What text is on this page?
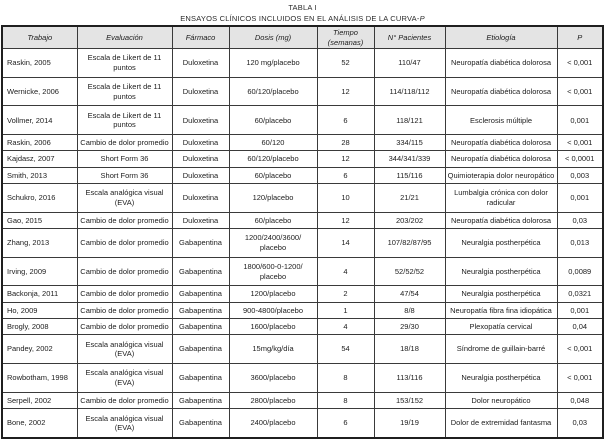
TABLA I
ENSAYOS CLÍNICOS INCLUIDOS EN EL ANÁLISIS DE LA CURVA-P
Trabajo	Evaluación	Fármaco	Dosis (mg)	Tiempo (semanas)	N° Pacientes	Etiología	P
Raskin, 2005	Escala de Likert de 11 puntos	Duloxetina	120 mg/placebo	52	110/47	Neuropatía diabética dolorosa	< 0,001
Wernicke, 2006	Escala de Likert de 11 puntos	Duloxetina	60/120/placebo	12	114/118/112	Neuropatía diabética dolorosa	< 0,001
Vollmer, 2014	Escala de Likert de 11 puntos	Duloxetina	60/placebo	6	118/121	Esclerosis múltiple	0,001
Raskin, 2006	Cambio de dolor promedio	Duloxetina	60/120	28	334/115	Neuropatía diabética dolorosa	< 0,001
Kajdasz, 2007	Short Form 36	Duloxetina	60/120/placebo	12	344/341/339	Neuropatía diabética dolorosa	< 0,0001
Smith, 2013	Short Form 36	Duloxetina	60/placebo	6	115/116	Quimioterapia dolor neuropático	0,003
Schukro, 2016	Escala analógica visual (EVA)	Duloxetina	120/placebo	10	21/21	Lumbalgia crónica con dolor radicular	0,001
Gao, 2015	Cambio de dolor promedio	Duloxetina	60/placebo	12	203/202	Neuropatía diabética dolorosa	0,03
Zhang, 2013	Cambio de dolor promedio	Gabapentina	1200/2400/3600/ placebo	14	107/82/87/95	Neuralgia postherpética	0,013
Irving, 2009	Cambio de dolor promedio	Gabapentina	1800/600-0-1200/ placebo	4	52/52/52	Neuralgia postherpética	0,0089
Backonja, 2011	Cambio de dolor promedio	Gabapentina	1200/placebo	2	47/54	Neuralgia postherpética	0,0321
Ho, 2009	Cambio de dolor promedio	Gabapentina	900-4800/placebo	1	8/8	Neuropatía fibra fina idiopática	0,001
Brogly, 2008	Cambio de dolor promedio	Gabapentina	1600/placebo	4	29/30	Plexopatía cervical	0,04
Pandey, 2002	Escala analógica visual (EVA)	Gabapentina	15mg/kg/día	54	18/18	Síndrome de guillain-barré	< 0,001
Rowbotham, 1998	Escala analógica visual (EVA)	Gabapentina	3600/placebo	8	113/116	Neuralgia postherpética	< 0,001
Serpell, 2002	Cambio de dolor promedio	Gabapentina	2800/placebo	8	153/152	Dolor neuropático	0,048
Bone, 2002	Escala analógica visual (EVA)	Gabapentina	2400/placebo	6	19/19	Dolor de extremidad fantasma	0,03
